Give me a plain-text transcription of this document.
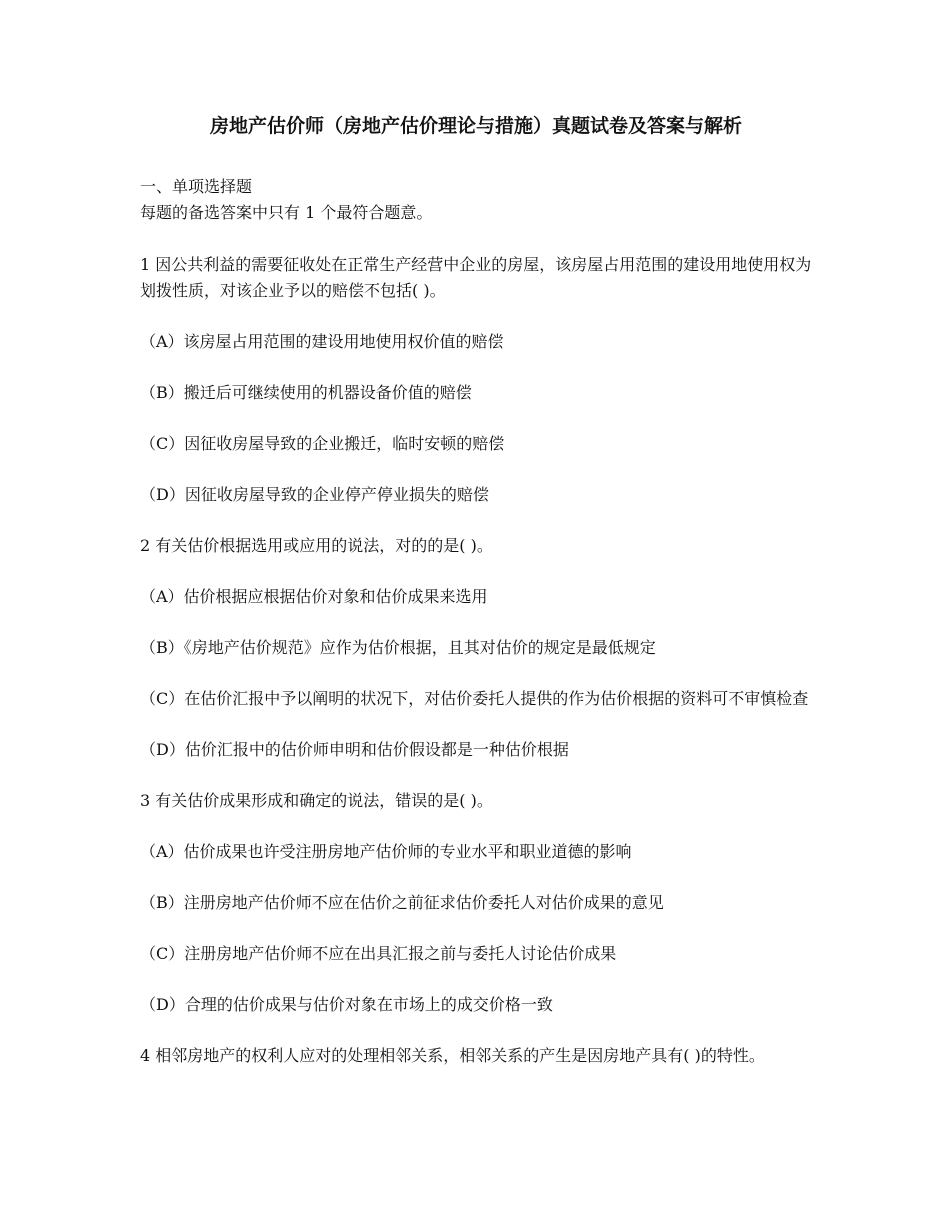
房地产估价师（房地产估价理论与措施）真题试卷及答案与解析
一、单项选择题
每题的备选答案中只有 1 个最符合题意。
1 因公共利益的需要征收处在正常生产经营中企业的房屋，该房屋占用范围的建设用地使用权为划拨性质，对该企业予以的赔偿不包括( )。
（A）该房屋占用范围的建设用地使用权价值的赔偿
（B）搬迁后可继续使用的机器设备价值的赔偿
（C）因征收房屋导致的企业搬迁，临时安顿的赔偿
（D）因征收房屋导致的企业停产停业损失的赔偿
2 有关估价根据选用或应用的说法，对的的是( )。
（A）估价根据应根据估价对象和估价成果来选用
（B）《房地产估价规范》应作为估价根据，且其对估价的规定是最低规定
（C）在估价汇报中予以阐明的状况下，对估价委托人提供的作为估价根据的资料可不审慎检查
（D）估价汇报中的估价师申明和估价假设都是一种估价根据
3 有关估价成果形成和确定的说法，错误的是( )。
（A）估价成果也许受注册房地产估价师的专业水平和职业道德的影响
（B）注册房地产估价师不应在估价之前征求估价委托人对估价成果的意见
（C）注册房地产估价师不应在出具汇报之前与委托人讨论估价成果
（D）合理的估价成果与估价对象在市场上的成交价格一致
4 相邻房地产的权利人应对的处理相邻关系，相邻关系的产生是因房地产具有( )的特性。
